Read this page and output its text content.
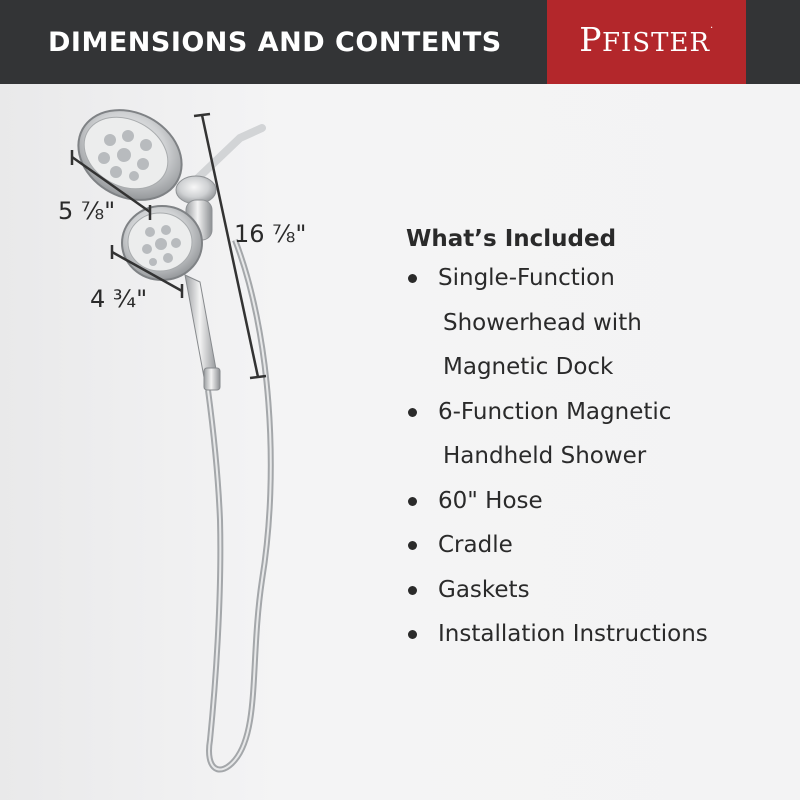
DIMENSIONS AND CONTENTS	PFISTER.
5 ⅞"
4 ¾"
16 ⅞"	What’s Included
Single-Function
Showerhead with
Magnetic Dock
6-Function Magnetic
Handheld Shower
60" Hose
Cradle
Gaskets
Installation Instructions
